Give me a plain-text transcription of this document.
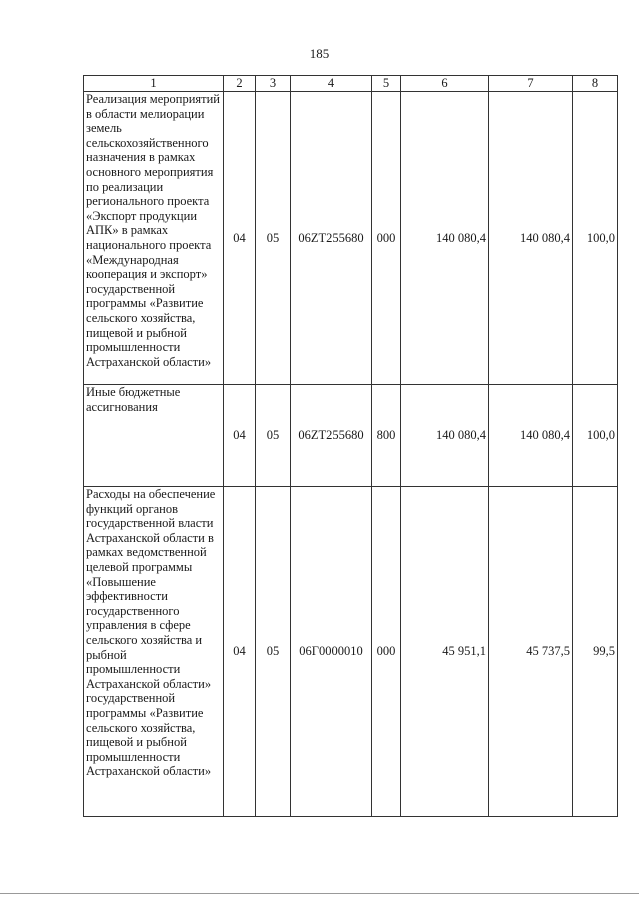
185
1	2	3	4	5	6	7	8
Реализация мероприятий в области мелиорации земель сельскохозяйственного назначения в рамках основного мероприятия по реализации регионального проекта «Экспорт продукции АПК» в рамках национального проекта «Международная кооперация и экспорт» государственной программы «Развитие сельского хозяйства, пищевой и рыбной промышленности Астраханской области»	04	05	06ZT255680	000	140 080,4	140 080,4	100,0
Иные бюджетные ассигнования	04	05	06ZT255680	800	140 080,4	140 080,4	100,0
Расходы на обеспечение функций органов государственной власти Астраханской области в рамках ведомственной целевой программы «Повышение эффективности государственного управления в сфере сельского хозяйства и рыбной промышленности Астраханской области» государственной программы «Развитие сельского хозяйства, пищевой и рыбной промышленности Астраханской области»	04	05	06Г0000010	000	45 951,1	45 737,5	99,5
